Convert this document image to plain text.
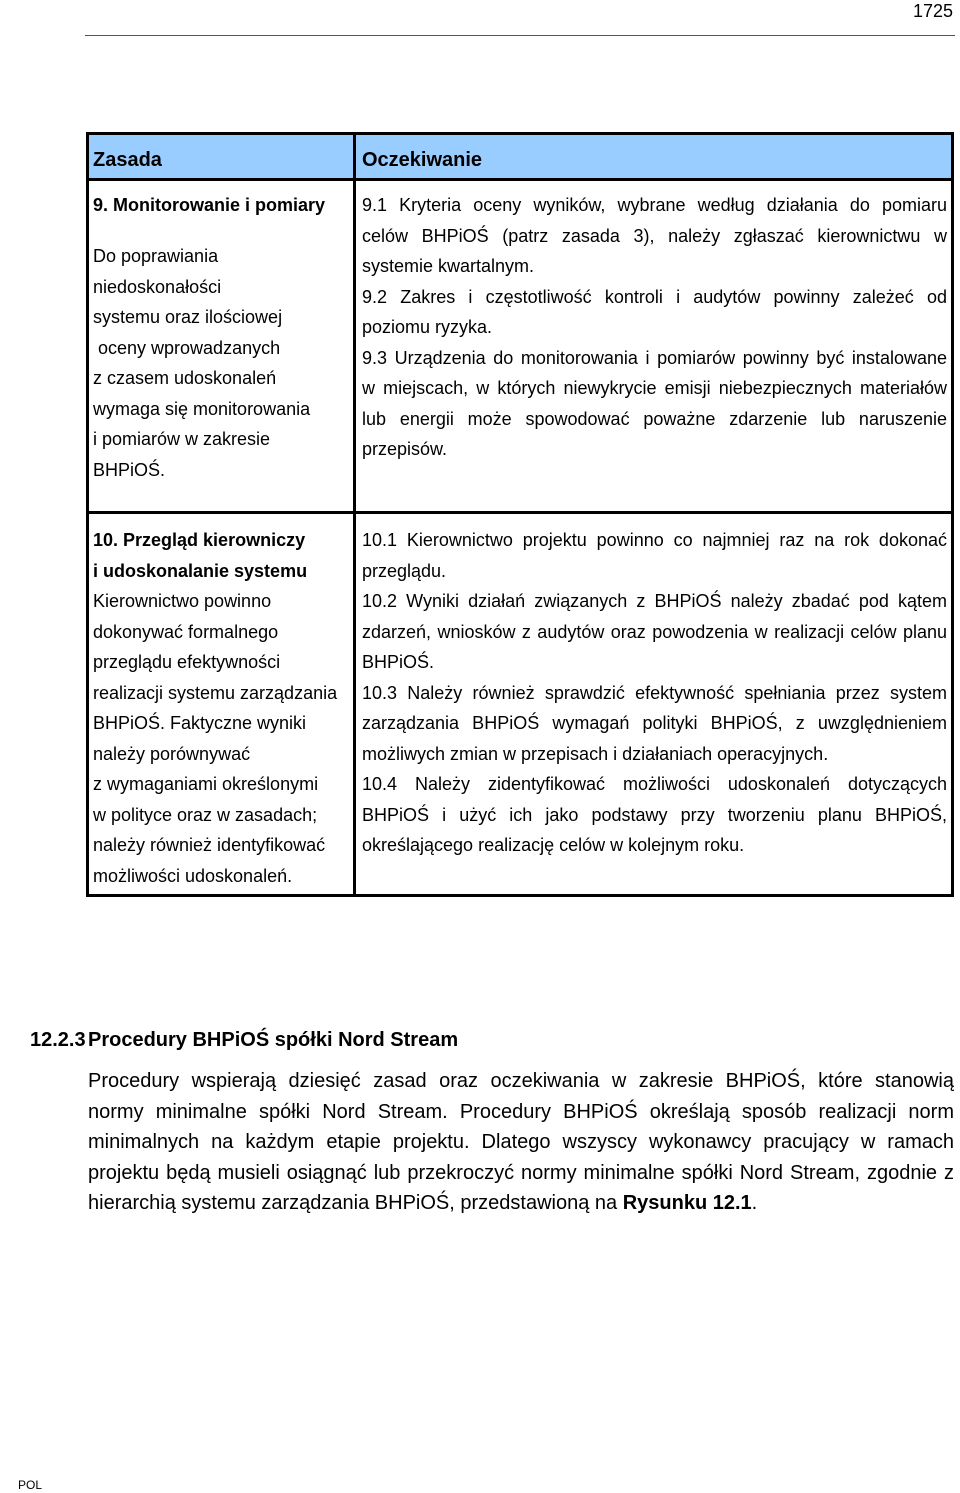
1725
Zasada	Oczekiwanie
9. Monitorowanie i pomiary
Do poprawiania
niedoskonałości
systemu oraz ilościowej
oceny wprowadzanych
z czasem udoskonaleń
wymaga się monitorowania
i pomiarów w zakresie
BHPiOŚ.
9.1 Kryteria oceny wyników, wybrane według działania do pomiaru
celów BHPiOŚ (patrz zasada 3), należy zgłaszać kierownictwu w
systemie kwartalnym.
9.2 Zakres i częstotliwość kontroli i audytów powinny zależeć od
poziomu ryzyka.
9.3 Urządzenia do monitorowania i pomiarów powinny być instalowane
w miejscach, w których niewykrycie emisji niebezpiecznych materiałów
lub energii może spowodować poważne zdarzenie lub naruszenie
przepisów.
10. Przegląd kierowniczy
i udoskonalanie systemu
Kierownictwo powinno
dokonywać formalnego
przeglądu efektywności
realizacji systemu zarządzania
BHPiOŚ. Faktyczne wyniki
należy porównywać
z wymaganiami określonymi
w polityce oraz w zasadach;
należy również identyfikować
możliwości udoskonaleń.
10.1 Kierownictwo projektu powinno co najmniej raz na rok dokonać
przeglądu.
10.2 Wyniki działań związanych z BHPiOŚ należy zbadać pod kątem
zdarzeń, wniosków z audytów oraz powodzenia w realizacji celów planu
BHPiOŚ.
10.3 Należy również sprawdzić efektywność spełniania przez system
zarządzania BHPiOŚ wymagań polityki BHPiOŚ, z uwzględnieniem
możliwych zmian w przepisach i działaniach operacyjnych.
10.4 Należy zidentyfikować możliwości udoskonaleń dotyczących
BHPiOŚ i użyć ich jako podstawy przy tworzeniu planu BHPiOŚ,
określającego realizację celów w kolejnym roku.
12.2.3 Procedury BHPiOŚ spółki Nord Stream
Procedury wspierają dziesięć zasad oraz oczekiwania w zakresie BHPiOŚ, które stanowią
normy minimalne spółki Nord Stream. Procedury BHPiOŚ określają sposób realizacji norm
minimalnych na każdym etapie projektu. Dlatego wszyscy wykonawcy pracujący w ramach
projektu będą musieli osiągnąć lub przekroczyć normy minimalne spółki Nord Stream, zgodnie z
hierarchią systemu zarządzania BHPiOŚ, przedstawioną na Rysunku 12.1.
POL
